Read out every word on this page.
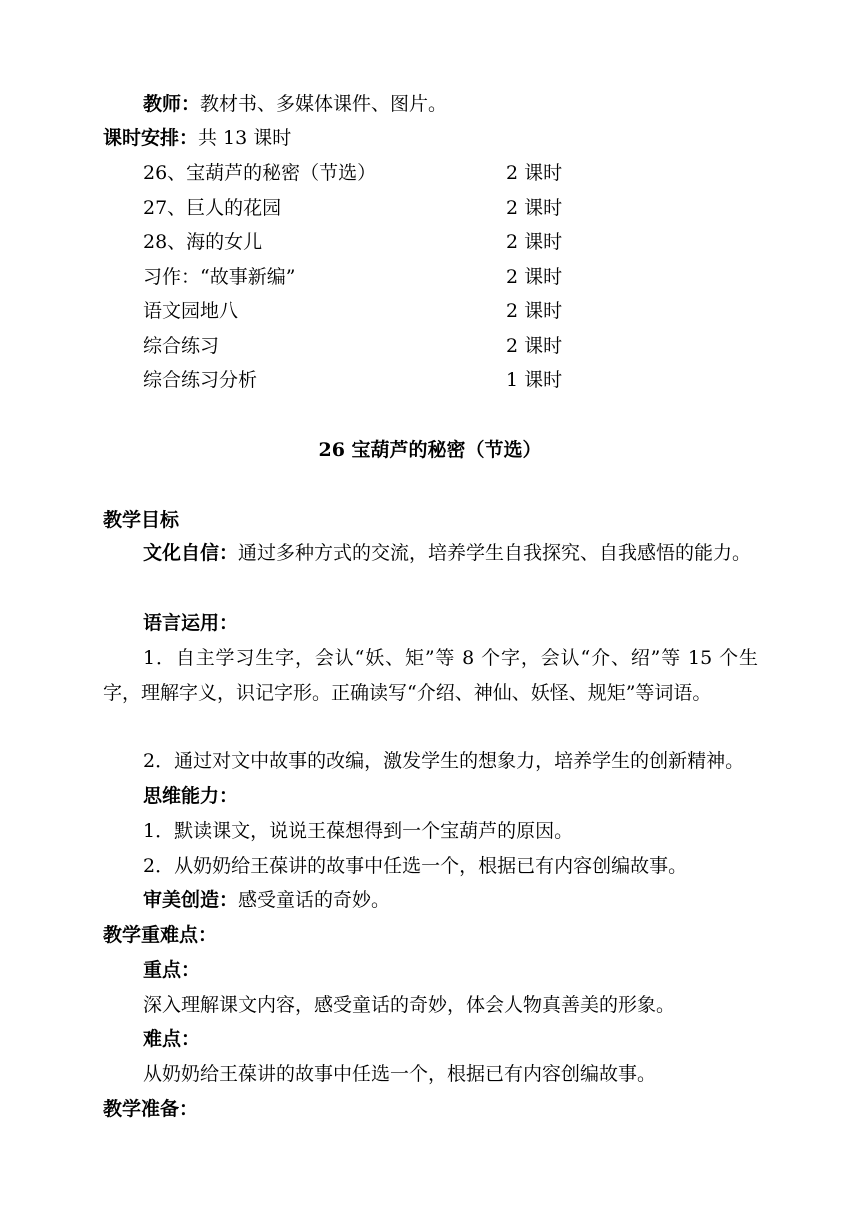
教师：教材书、多媒体课件、图片。
课时安排：共 13 课时
26、宝葫芦的秘密（节选）	2 课时
27、巨人的花园	2 课时
28、海的女儿	2 课时
习作：“故事新编”	2 课时
语文园地八	2 课时
综合练习	2 课时
综合练习分析	1 课时
26 宝葫芦的秘密（节选）
教学目标
文化自信：通过多种方式的交流，培养学生自我探究、自我感悟的能力。
语言运用：
1．自主学习生字，会认“妖、矩”等 8 个字，会认“介、绍”等 15 个生字，理解字义，识记字形。正确读写“介绍、神仙、妖怪、规矩”等词语。
2．通过对文中故事的改编，激发学生的想象力，培养学生的创新精神。
思维能力：
1．默读课文，说说王葆想得到一个宝葫芦的原因。
2．从奶奶给王葆讲的故事中任选一个，根据已有内容创编故事。
审美创造：感受童话的奇妙。
教学重难点：
重点：
深入理解课文内容，感受童话的奇妙，体会人物真善美的形象。
难点：
从奶奶给王葆讲的故事中任选一个，根据已有内容创编故事。
教学准备：
